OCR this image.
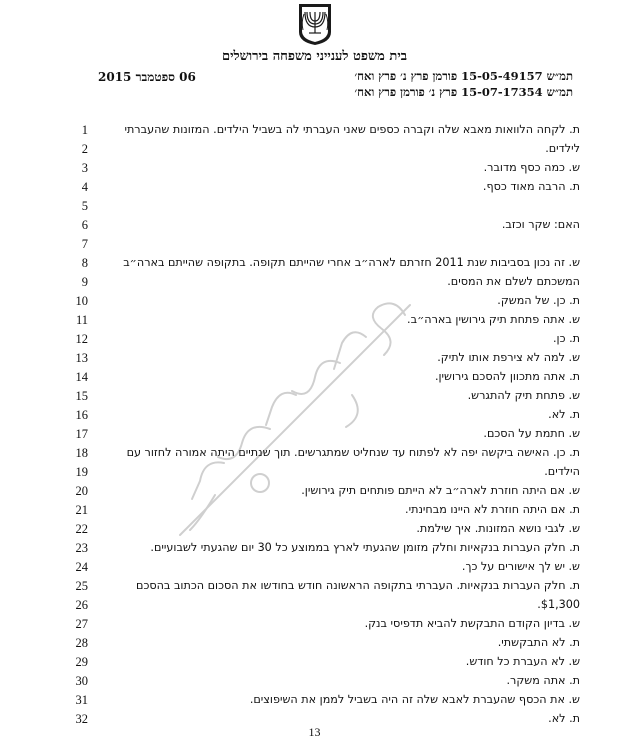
בית משפט לענייני משפחה בירושלים
06 ספטמבר 2015	תמ״ש 15-05-49157 פורמן פרץ נ׳ פרץ ואח׳
תמ״ש 15-07-17354 פרץ נ׳ פורמן פרץ ואח׳
1	ת. לקחה הלוואות מאבא שלה וקברה כספים שאני העברתי לה בשביל הילדים. המזונות שהעברתי
2	לילדים.
3	ש. כמה כסף מדובר.
4	ת. הרבה מאוד כסף.
5
6	האם: שקר וכזב.
7
8	ש. זה נכון בסביבות שנת 2011 חזרתם לארה״ב אחרי שהייתם תקופה. בתקופה שהייתם בארה״ב
9	המשכתם לשלם את המסים.
10	ת. כן. של המשק.
11	ש. אתה פתחת תיק גירושין בארה״ב.
12	ת. כן.
13	ש. למה לא צירפת אותו לתיק.
14	ת. אתה מתכוון להסכם גירושין.
15	ש. פתחת תיק להתגרש.
16	ת. לא.
17	ש. חתמת על הסכם.
18	ת. כן. האישה ביקשה יפה לא לפתוח עד שנחליט שמתגרשים. תוך שנתיים היתה אמורה לחזור עם
19	הילדים.
20	ש. אם היתה חוזרת לארה״ב לא הייתם פותחים תיק גירושין.
21	ת. אם היתה חוזרת לא היינו מבחינתי.
22	ש. לגבי נושא המזונות. איך שילמת.
23	ת. חלק העברות בנקאיות וחלק מזומן שהגעתי לארץ בממוצע כל 30 יום שהגעתי לשבועיים.
24	ש. יש לך אישורים על כך.
25	ת. חלק העברות בנקאיות. העברתי בתקופה הראשונה חודש בחודשו את הסכום הכתוב בהסכם
26	$1,300.
27	ש. בדיון הקודם התבקשת להביא תדפיסי בנק.
28	ת. לא התבקשתי.
29	ש. לא העברת כל חודש.
30	ת. אתה משקר.
31	ש. את הכסף שהעברת לאבא שלה זה היה בשביל לממן את השיפוצים.
32	ת. לא.
13
